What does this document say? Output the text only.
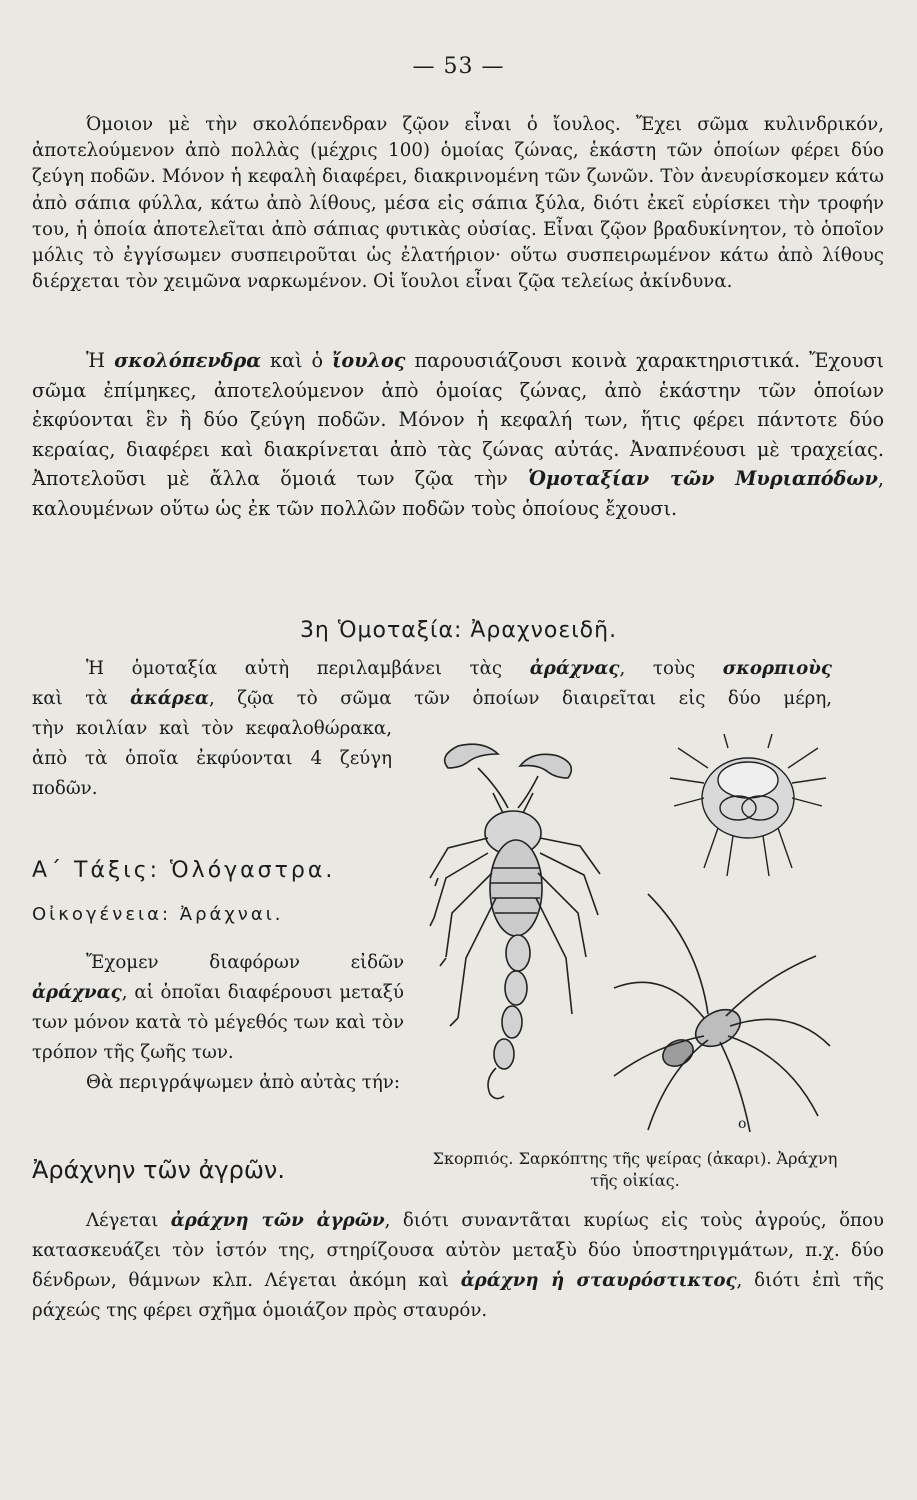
— 53 —

Όμοιον μὲ τὴν σκολόπενδραν ζῷον εἶναι ὁ ἴουλος. Ἔχει σῶμα κυλινδρικόν, ἀποτελούμενον ἀπὸ πολλὰς (μέχρις 100) ὁμοίας ζώνας, ἑκάστη τῶν ὁποίων φέρει δύο ζεύγη ποδῶν. Μόνον ἡ κεφαλὴ διαφέρει, διακρινομένη τῶν ζωνῶν. Τὸν ἀνευρίσκομεν κάτω ἀπὸ σάπια φύλλα, κάτω ἀπὸ λίθους, μέσα εἰς σάπια ξύλα, διότι ἐκεῖ εὑρίσκει τὴν τροφήν του, ἡ ὁποία ἀποτελεῖται ἀπὸ σάπιας φυτικὰς οὐσίας. Εἶναι ζῷον βραδυκίνητον, τὸ ὁποῖον μόλις τὸ ἐγγίσωμεν συσπειροῦται ὡς ἐλατήριον· οὕτω συσπειρωμένον κάτω ἀπὸ λίθους διέρχεται τὸν χειμῶνα ναρκωμένον. Οἱ ἴουλοι εἶναι ζῷα τελείως ἀκίνδυνα.

Ἡ σκολόπενδρα καὶ ὁ ἴουλος παρουσιάζουσι κοινὰ χαρακτηριστικά. Ἔχουσι σῶμα ἐπίμηκες, ἀποτελούμενον ἀπὸ ὁμοίας ζώνας, ἀπὸ ἑκάστην τῶν ὁποίων ἐκφύονται ἓν ἢ δύο ζεύγη ποδῶν. Μόνον ἡ κεφαλή των, ἥτις φέρει πάντοτε δύο κεραίας, διαφέρει καὶ διακρίνεται ἀπὸ τὰς ζώνας αὐτάς. Ἀναπνέουσι μὲ τραχείας. Ἀποτελοῦσι μὲ ἄλλα ὅμοιά των ζῷα τὴν Ὁμοταξίαν τῶν Μυριαπόδων, καλουμένων οὕτω ὡς ἐκ τῶν πολλῶν ποδῶν τοὺς ὁποίους ἔχουσι.

3η Ὁμοταξία: Ἀραχνοειδῆ.
Ἡ ὁμοταξία αὐτὴ περιλαμβάνει τὰς ἀράχνας, τοὺς σκορπιοὺς
καὶ τὰ ἀκάρεα, ζῷα τὸ σῶμα τῶν ὁποίων διαιρεῖται εἰς δύο μέρη,
τὴν κοιλίαν καὶ τὸν κεφαλοθώρακα, ἀπὸ τὰ ὁποῖα ἐκφύονται 4 ζεύγη ποδῶν.
Α΄ Τάξις: Ὁλόγαστρα.
Οἰκογένεια: Ἀράχναι.

Ἔχομεν διαφόρων εἰδῶν ἀράχνας, αἱ ὁποῖαι διαφέρουσι μεταξύ των μόνον κατὰ τὸ μέγεθός των καὶ τὸν τρόπον τῆς ζωῆς των.

Θὰ περιγράψωμεν ἀπὸ αὐτὰς τήν:

Ἀράχνην τῶν ἀγρῶν.

Λέγεται ἀράχνη τῶν ἀγρῶν, διότι συναντᾶται κυρίως εἰς τοὺς ἀγρούς, ὅπου κατασκευάζει τὸν ἱστόν της, στηρίζουσα αὐτὸν μεταξὺ δύο ὑποστηριγμάτων, π.χ. δύο δένδρων, θάμνων κλπ. Λέγεται ἀκόμη καὶ ἀράχνη ἡ σταυρόστικτος, διότι ἐπὶ τῆς ράχεώς της φέρει σχῆμα ὁμοιάζον πρὸς σταυρόν.

o
Σκορπιός. Σαρκόπτης τῆς ψείρας (ἀκαρι). Ἀράχνη τῆς οἰκίας.
